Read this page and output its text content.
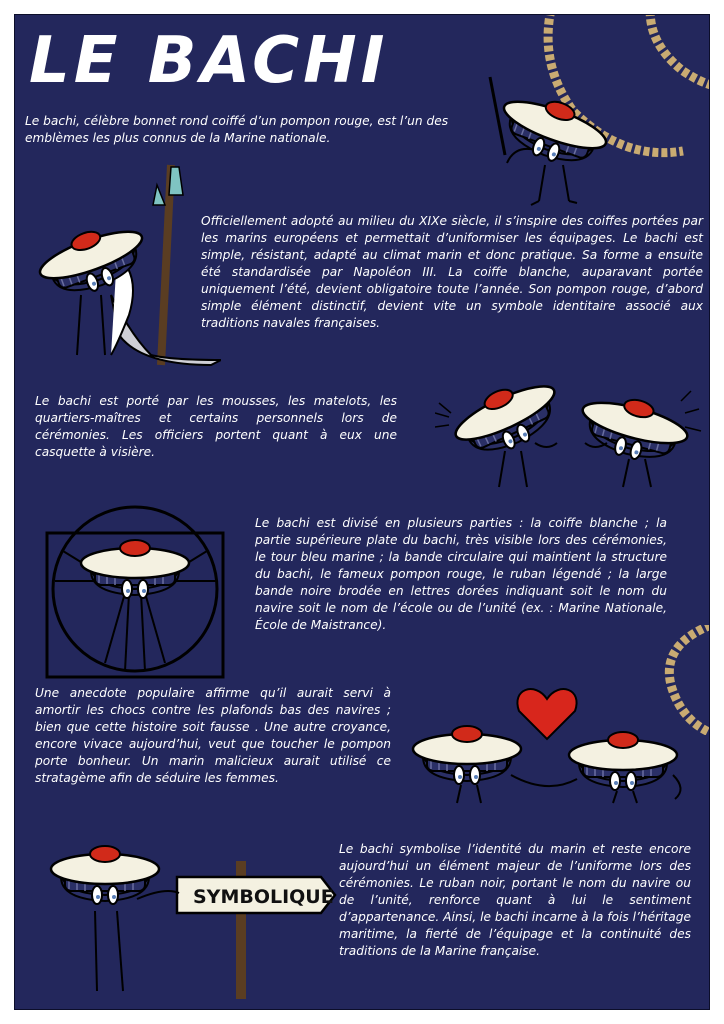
LE BACHI

Le bachi, célèbre bonnet rond coiffé d’un pompon rouge, est l’un des emblèmes les plus connus de la Marine nationale.

Officiellement adopté au milieu du XIXe siècle, il s’inspire des coiffes portées par les marins européens et permettait d’uniformiser les équipages. Le bachi est simple, résistant, adapté au climat marin et donc pratique. Sa forme a ensuite été standardisée par Napoléon III. La coiffe blanche, auparavant portée uniquement l’été, devient obligatoire toute l’année. Son pompon rouge, d’abord simple élément distinctif, devient vite un symbole identitaire associé aux traditions navales françaises.

Le bachi est porté par les mousses, les matelots, les quartiers-maîtres et certains personnels lors de cérémonies. Les officiers portent quant à eux une casquette à visière.

Le bachi est divisé en plusieurs parties : la coiffe blanche ; la partie supérieure plate du bachi, très visible lors des cérémonies, le tour bleu marine ; la bande circulaire qui maintient la structure du bachi, le fameux pompon rouge, le ruban légendé ; la large bande noire brodée en lettres dorées indiquant soit le nom du navire soit le nom de l’école ou de l’unité (ex. : Marine Nationale, École de Maistrance).

Une anecdote populaire affirme qu’il aurait servi à amortir les chocs contre les plafonds bas des navires ; bien que cette histoire soit fausse . Une autre croyance, encore vivace aujourd’hui, veut que toucher le pompon porte bonheur. Un marin malicieux aurait utilisé ce stratagème afin de séduire les femmes.

SYMBOLIQUE

Le bachi symbolise l’identité du marin et reste encore aujourd’hui un élément majeur de l’uniforme lors des cérémonies. Le ruban noir, portant le nom du navire ou de l’unité, renforce quant à lui le sentiment d’appartenance. Ainsi, le bachi incarne à la fois l’héritage maritime, la fierté de l’équipage et la continuité des traditions de la Marine française.
